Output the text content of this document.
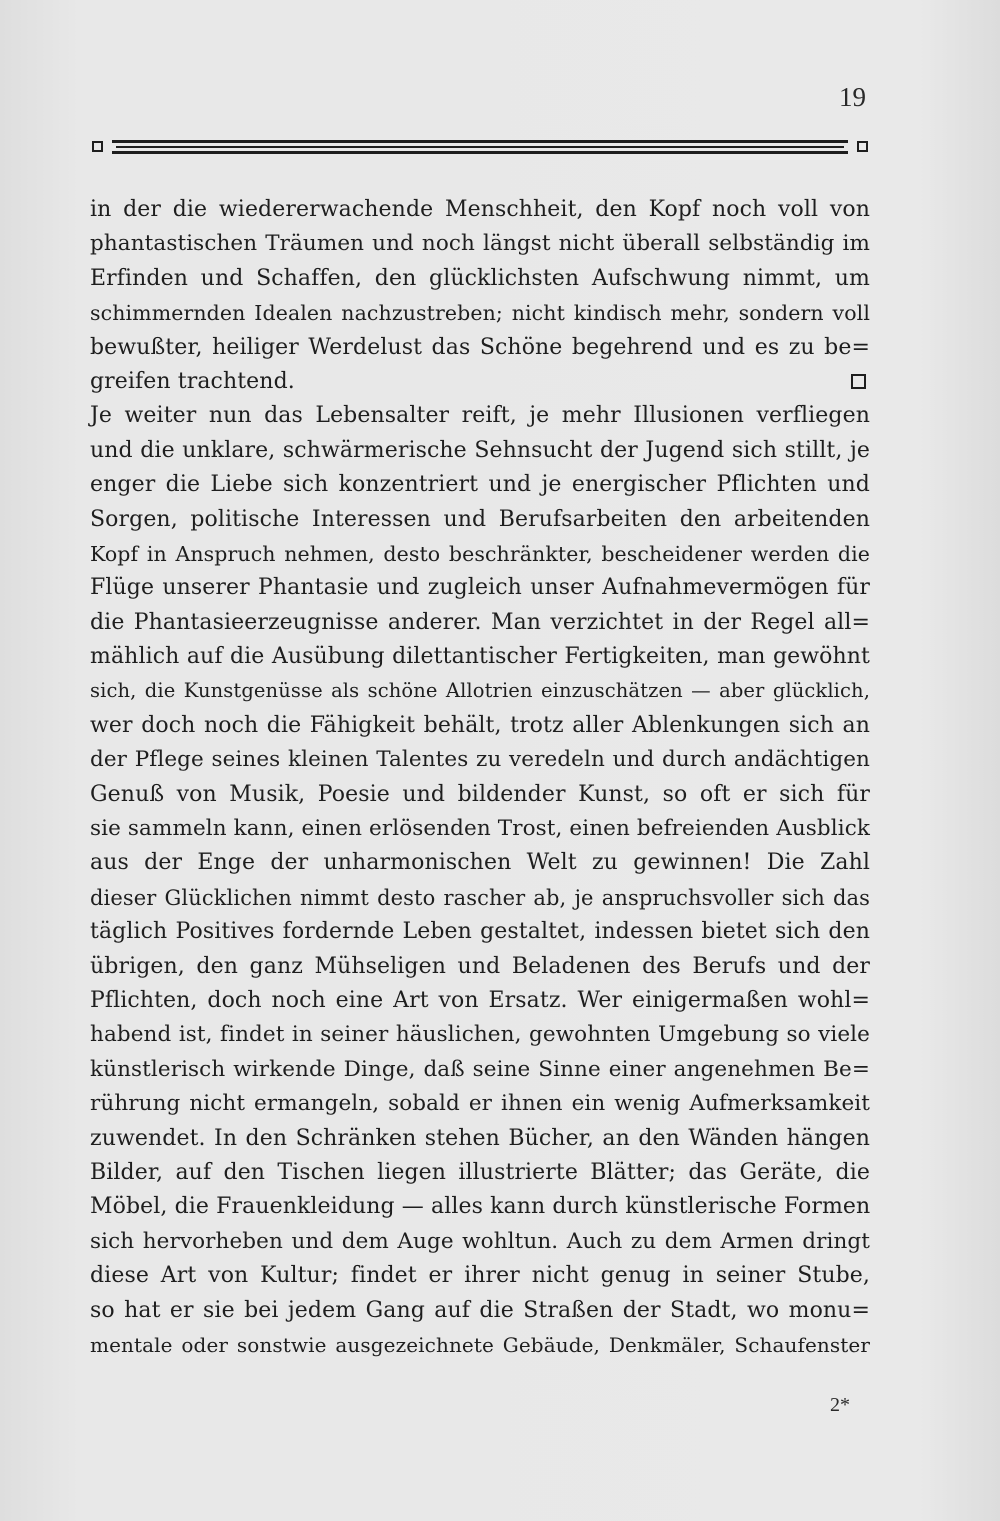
19
in der die wiedererwachende Menschheit, den Kopf noch voll von
phantastischen Träumen und noch längst nicht überall selbständig im
Erfinden und Schaffen, den glücklichsten Aufschwung nimmt, um
schimmernden Idealen nachzustreben; nicht kindisch mehr, sondern voll
bewußter, heiliger Werdelust das Schöne begehrend und es zu be=
greifen trachtend.
Je weiter nun das Lebensalter reift, je mehr Illusionen verfliegen
und die unklare, schwärmerische Sehnsucht der Jugend sich stillt, je
enger die Liebe sich konzentriert und je energischer Pflichten und
Sorgen, politische Interessen und Berufsarbeiten den arbeitenden
Kopf in Anspruch nehmen, desto beschränkter, bescheidener werden die
Flüge unserer Phantasie und zugleich unser Aufnahmevermögen für
die Phantasieerzeugnisse anderer. Man verzichtet in der Regel all=
mählich auf die Ausübung dilettantischer Fertigkeiten, man gewöhnt
sich, die Kunstgenüsse als schöne Allotrien einzuschätzen — aber glücklich,
wer doch noch die Fähigkeit behält, trotz aller Ablenkungen sich an
der Pflege seines kleinen Talentes zu veredeln und durch andächtigen
Genuß von Musik, Poesie und bildender Kunst, so oft er sich für
sie sammeln kann, einen erlösenden Trost, einen befreienden Ausblick
aus der Enge der unharmonischen Welt zu gewinnen! Die Zahl
dieser Glücklichen nimmt desto rascher ab, je anspruchsvoller sich das
täglich Positives fordernde Leben gestaltet, indessen bietet sich den
übrigen, den ganz Mühseligen und Beladenen des Berufs und der
Pflichten, doch noch eine Art von Ersatz. Wer einigermaßen wohl=
habend ist, findet in seiner häuslichen, gewohnten Umgebung so viele
künstlerisch wirkende Dinge, daß seine Sinne einer angenehmen Be=
rührung nicht ermangeln, sobald er ihnen ein wenig Aufmerksamkeit
zuwendet. In den Schränken stehen Bücher, an den Wänden hängen
Bilder, auf den Tischen liegen illustrierte Blätter; das Geräte, die
Möbel, die Frauenkleidung — alles kann durch künstlerische Formen
sich hervorheben und dem Auge wohltun. Auch zu dem Armen dringt
diese Art von Kultur; findet er ihrer nicht genug in seiner Stube,
so hat er sie bei jedem Gang auf die Straßen der Stadt, wo monu=
mentale oder sonstwie ausgezeichnete Gebäude, Denkmäler, Schaufenster
2*
